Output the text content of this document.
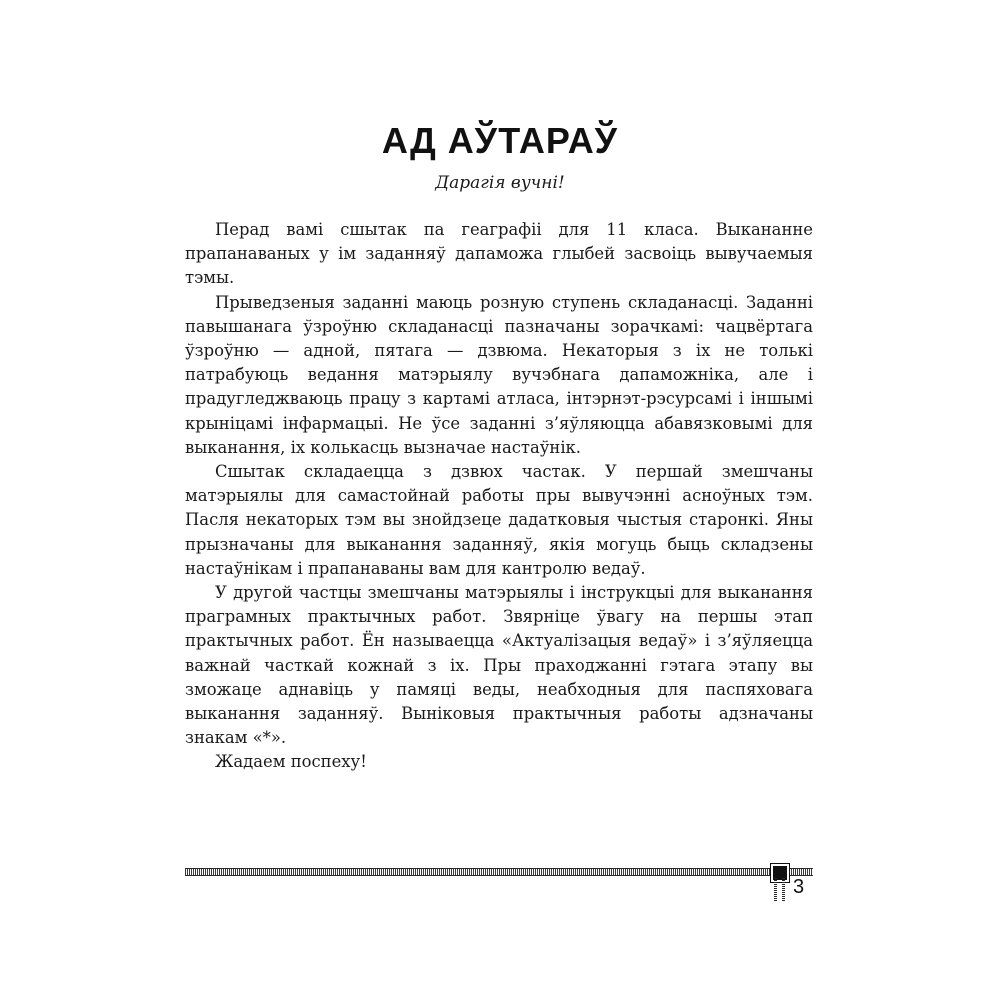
АД АЎТАРАЎ
Дарагія вучні!

Перад вамі сшытак па геаграфіі для 11 класа. Выкананне прапанаваных у ім заданняў дапаможа глыбей засвоіць вывучаемыя тэмы.

Прыведзеныя заданні маюць розную ступень складанасці. Заданні павышанага ўзроўню складанасці пазначаны зорачкамі: чацвёртага ўзроўню — адной, пятага — дзвюма. Некаторыя з іх не толькі патрабуюць ведання матэрыялу вучэбнага дапаможніка, але і прадугледжваюць працу з картамі атласа, інтэрнэт-рэсурсамі і іншымі крыніцамі інфармацыі. Не ўсе заданні з’яўляюцца абавязковымі для выканання, іх колькасць вызначае настаўнік.

Сшытак складаецца з дзвюх частак. У першай змешчаны матэрыялы для самастойнай работы пры вывучэнні асноўных тэм. Пасля некаторых тэм вы знойдзеце дадатковыя чыстыя старонкі. Яны прызначаны для выканання заданняў, якія могуць быць складзены настаўнікам і прапанаваны вам для кантролю ведаў.

У другой частцы змешчаны матэрыялы і інструкцыі для выканання праграмных практычных работ. Звярніце ўвагу на першы этап практычных работ. Ён называецца «Актуалізацыя ведаў» і з’яўляецца важнай часткай кожнай з іх. Пры праходжанні гэтага этапу вы зможаце аднавіць у памяці веды, неабходныя для паспяховага выканання заданняў. Выніковыя практычныя работы адзначаны знакам «*».

Жадаем поспеху!

3
